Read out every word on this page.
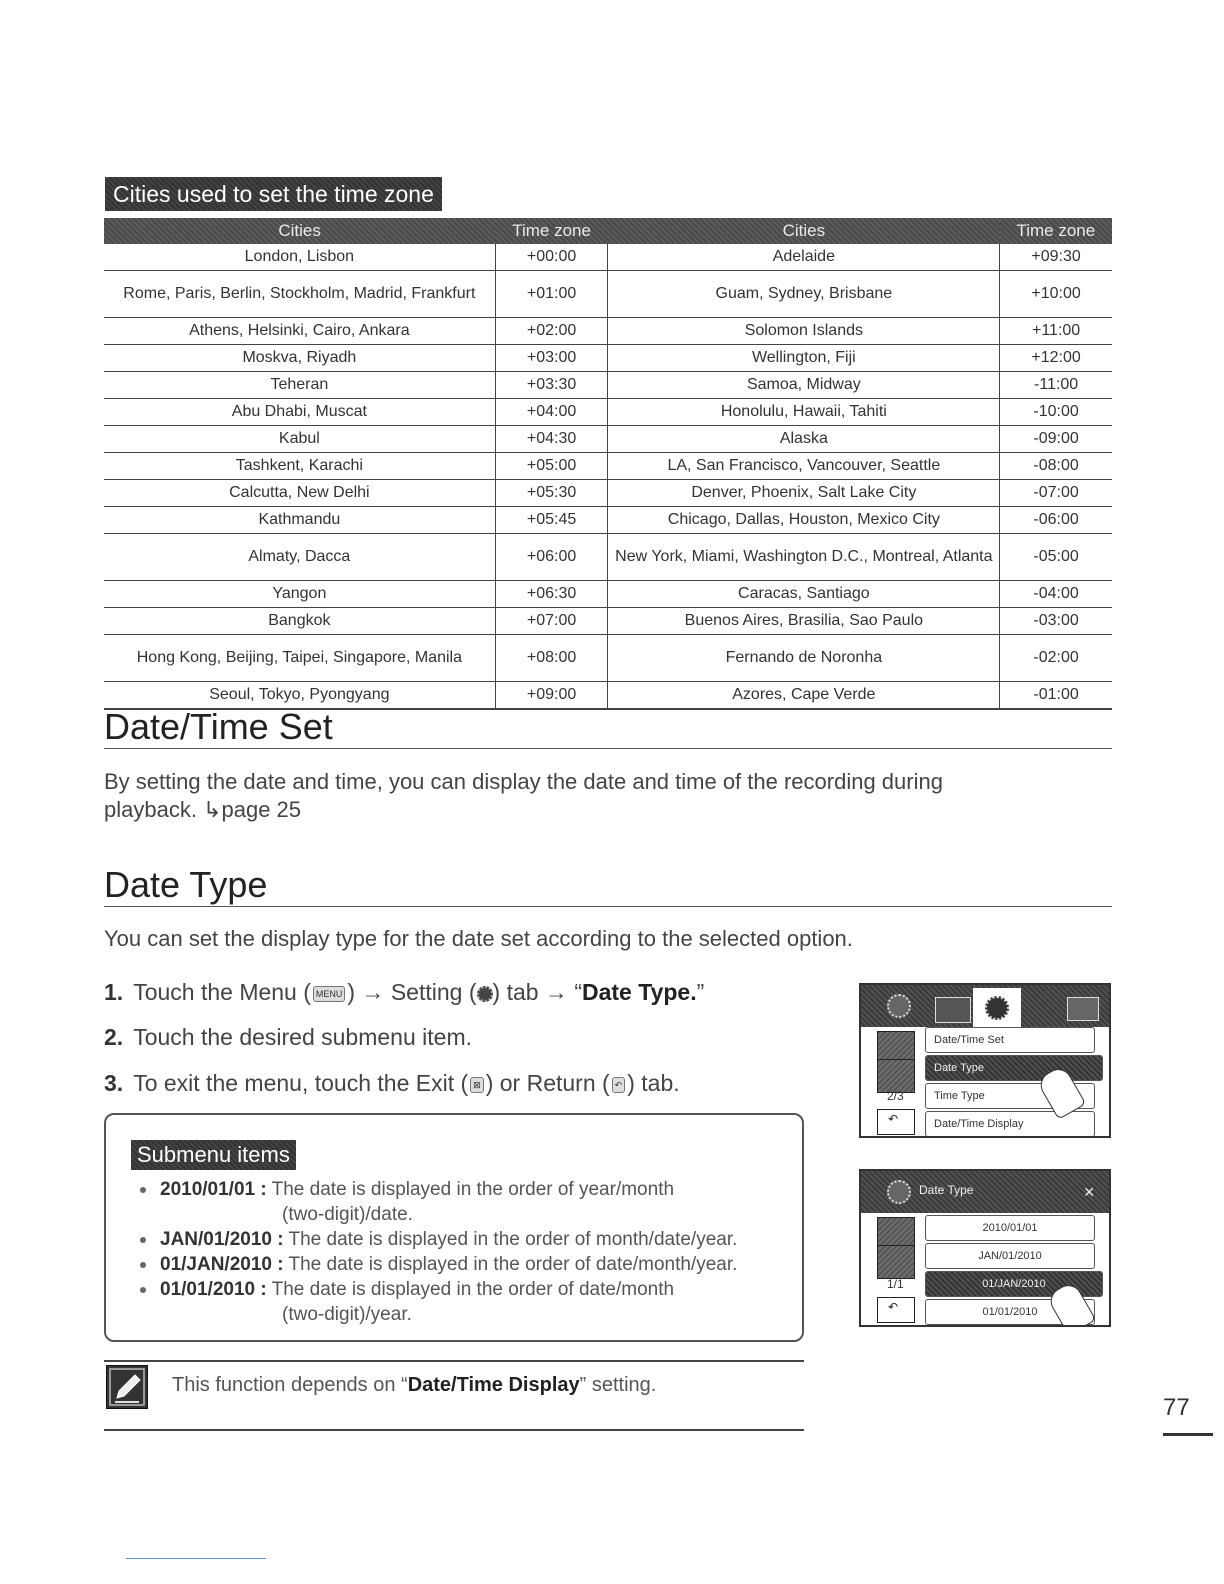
Cities used to set the time zone
Cities	Time zone	Cities	Time zone
London, Lisbon	+00:00	Adelaide	+09:30
Rome, Paris, Berlin, Stockholm, Madrid, Frankfurt	+01:00	Guam, Sydney, Brisbane	+10:00
Athens, Helsinki, Cairo, Ankara	+02:00	Solomon Islands	+11:00
Moskva, Riyadh	+03:00	Wellington, Fiji	+12:00
Teheran	+03:30	Samoa, Midway	-11:00
Abu Dhabi, Muscat	+04:00	Honolulu, Hawaii, Tahiti	-10:00
Kabul	+04:30	Alaska	-09:00
Tashkent, Karachi	+05:00	LA, San Francisco, Vancouver, Seattle	-08:00
Calcutta, New Delhi	+05:30	Denver, Phoenix, Salt Lake City	-07:00
Kathmandu	+05:45	Chicago, Dallas, Houston, Mexico City	-06:00
Almaty, Dacca	+06:00	New York, Miami, Washington D.C., Montreal, Atlanta	-05:00
Yangon	+06:30	Caracas, Santiago	-04:00
Bangkok	+07:00	Buenos Aires, Brasilia, Sao Paulo	-03:00
Hong Kong, Beijing, Taipei, Singapore, Manila	+08:00	Fernando de Noronha	-02:00
Seoul, Tokyo, Pyongyang	+09:00	Azores, Cape Verde	-01:00
Date/Time Set
By setting the date and time, you can display the date and time of the recording during
playback. ↳page 25
Date Type
You can set the display type for the date set according to the selected option.
1. Touch the Menu ( MENU ) → Setting ( ) tab → “Date Type.”
2. Touch the desired submenu item.
3. To exit the menu, touch the Exit ( ⊠ ) or Return ( ↶ ) tab.
Submenu items
2010/01/01 : The date is displayed in the order of year/month
(two-digit)/date.
JAN/01/2010 : The date is displayed in the order of month/date/year.
01/JAN/2010 : The date is displayed in the order of date/month/year.
01/01/2010 : The date is displayed in the order of date/month
(two-digit)/year.
This function depends on “Date/Time Display” setting.
2/3
↶
Date/Time Set
Date Type
Time Type
Date/Time Display
Date Type	✕
1/1
↶
2010/01/01
JAN/01/2010
01/JAN/2010
01/01/2010
77
